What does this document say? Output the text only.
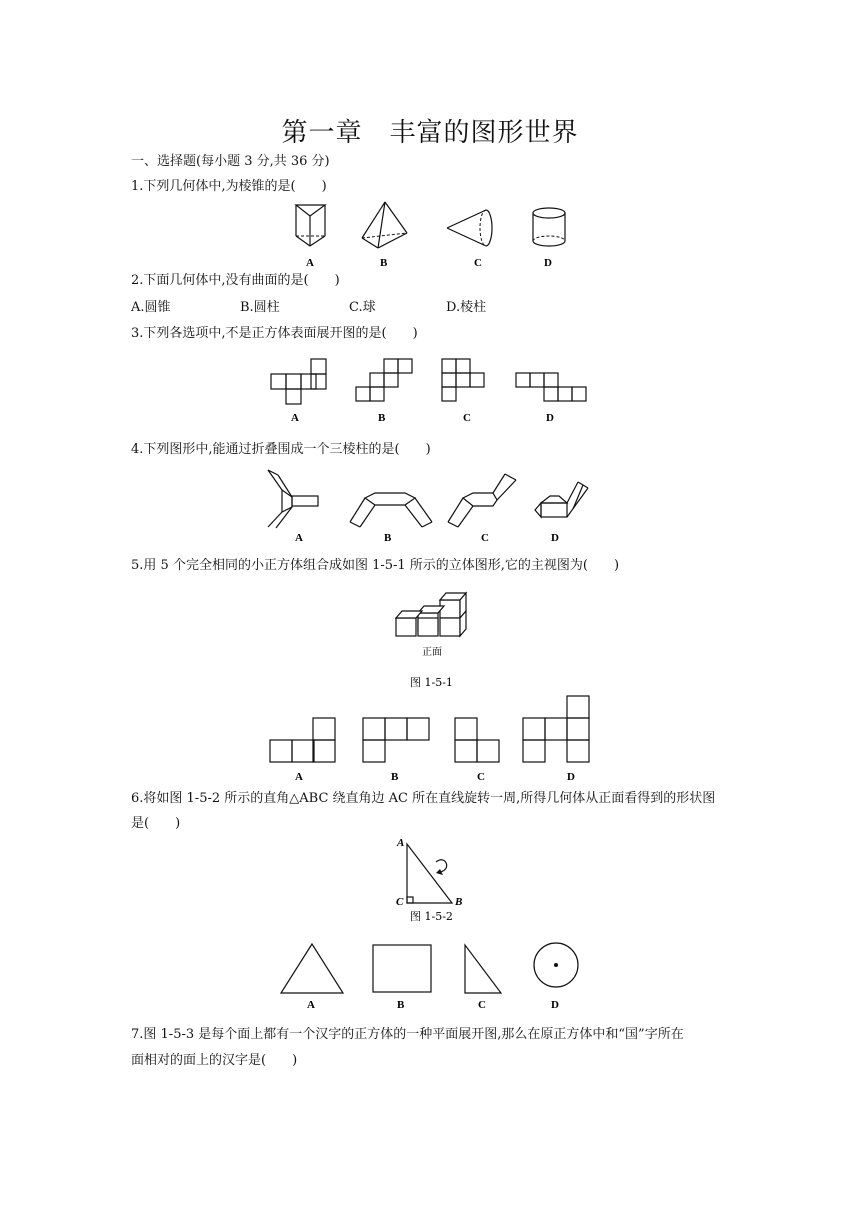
第一章　丰富的图形世界
一、选择题(每小题 3 分,共 36 分)
1.下列几何体中,为棱锥的是(　　)
A	B	C	D
2.下面几何体中,没有曲面的是(　　)
A.圆锥	B.圆柱	C.球	D.棱柱
3.下列各选项中,不是正方体表面展开图的是(　　)
A	B	C	D
4.下列图形中,能通过折叠围成一个三棱柱的是(　　)
A	B	C	D
5.用 5 个完全相同的小正方体组合成如图 1-5-1 所示的立体图形,它的主视图为(　　)
正面
图 1-5-1
A	B	C	D
6.将如图 1-5-2 所示的直角△ABC 绕直角边 AC 所在直线旋转一周,所得几何体从正面看得到的形状图
是(　　)
A
C	B
图 1-5-2
A	B	C	D
7.图 1-5-3 是每个面上都有一个汉字的正方体的一种平面展开图,那么在原正方体中和“国”字所在
面相对的面上的汉字是(　　)
